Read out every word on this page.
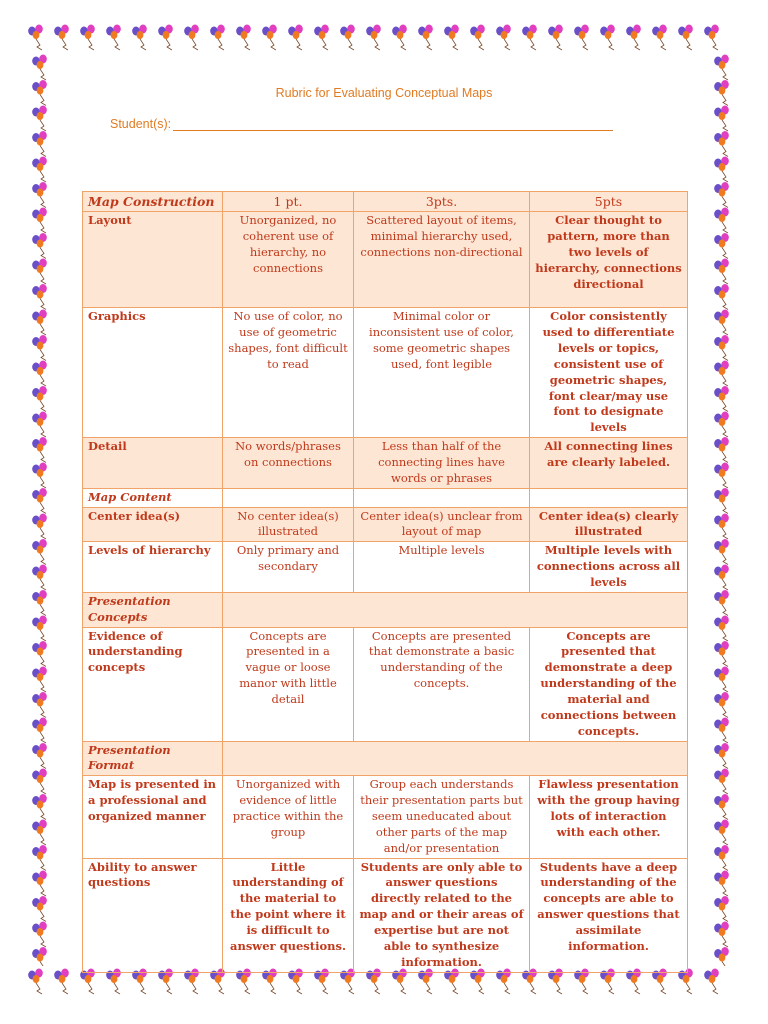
Rubric for Evaluating Conceptual Maps
Student(s):
Map Construction	1 pt.	3pts.	5pts
Layout	Unorganized, no coherent use of hierarchy, no connections	Scattered layout of items, minimal hierarchy used, connections non-directional	Clear thought to pattern, more than two levels of hierarchy, connections directional
Graphics	No use of color, no use of geometric shapes, font difficult to read	Minimal color or inconsistent use of color, some geometric shapes used, font legible	Color consistently used to differentiate levels or topics, consistent use of geometric shapes, font clear/may use font to designate levels
Detail	No words/phrases on connections	Less than half of the connecting lines have words or phrases	All connecting lines are clearly labeled.
Map Content			
Center idea(s)	No center idea(s) illustrated	Center idea(s) unclear from layout of map	Center idea(s) clearly illustrated
Levels of hierarchy	Only primary and secondary	Multiple levels	Multiple levels with connections across all levels
Presentation Concepts			
Evidence of understanding concepts	Concepts are presented in a vague or loose manor with little detail	Concepts are presented that demonstrate a basic understanding of the concepts.	Concepts are presented that demonstrate a deep understanding of the material and connections between concepts.
Presentation Format			
Map is presented in a professional and organized manner	Unorganized with evidence of little practice within the group	Group each understands their presentation parts but seem uneducated about other parts of the map and/or presentation	Flawless presentation with the group having lots of interaction with each other.
Ability to answer questions	Little understanding of the material to the point where it is difficult to answer questions.	Students are only able to answer questions directly related to the map and or their areas of expertise but are not able to synthesize information.	Students have a deep understanding of the concepts are able to answer questions that assimilate information.
